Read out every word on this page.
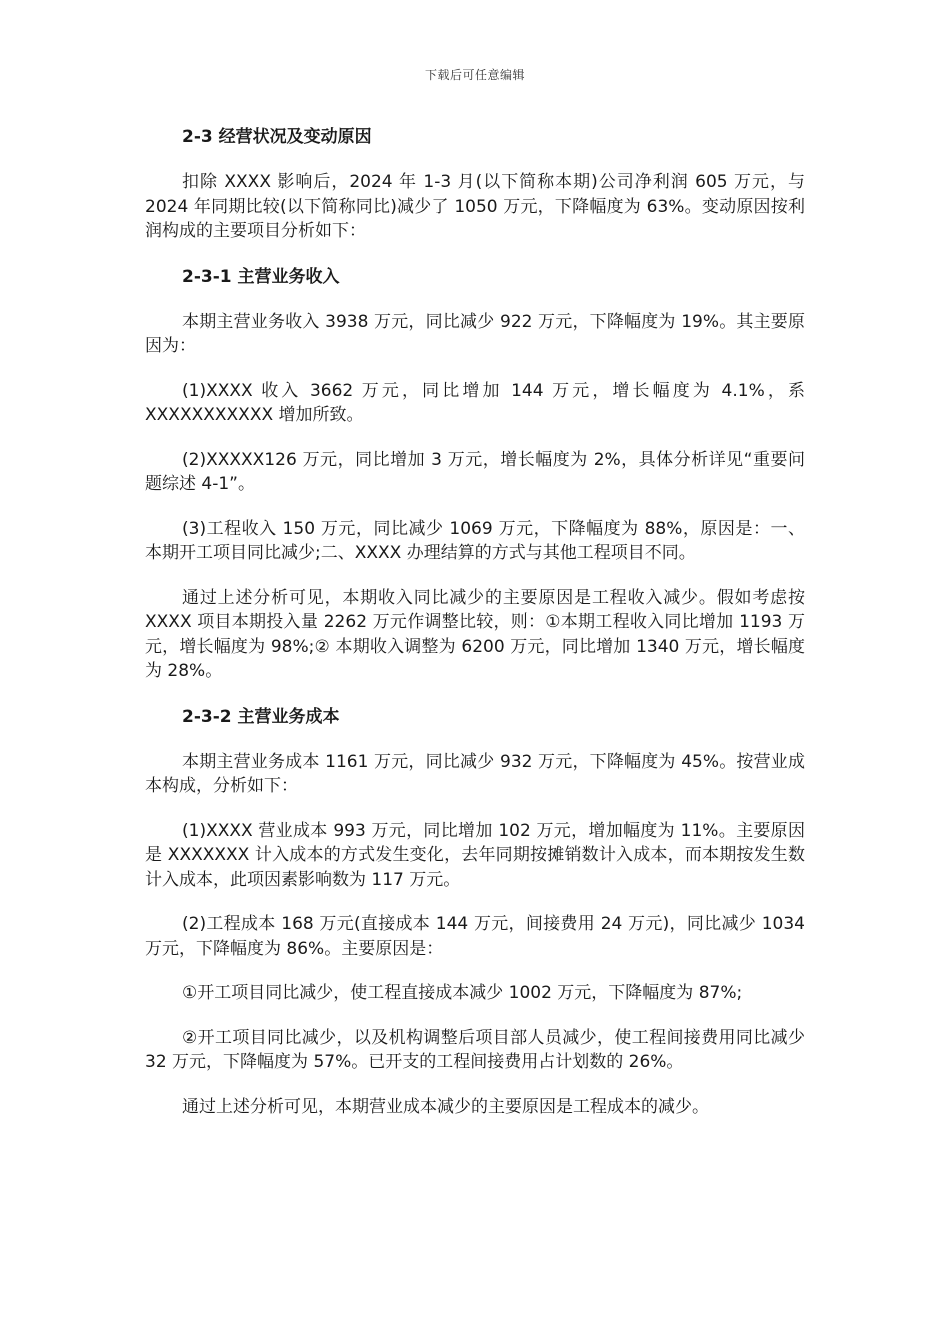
下载后可任意编辑
2-3 经营状况及变动原因

扣除 XXXX 影响后，2024 年 1-3 月(以下简称本期)公司净利润 605 万元，与 2024 年同期比较(以下简称同比)减少了 1050 万元，下降幅度为 63%。变动原因按利润构成的主要项目分析如下：

2-3-1 主营业务收入

本期主营业务收入 3938 万元，同比减少 922 万元，下降幅度为 19%。其主要原因为：

(1)XXXX 收入 3662 万元，同比增加 144 万元，增长幅度为 4.1%，系 XXXXXXXXXXX 增加所致。

(2)XXXXX126 万元，同比增加 3 万元，增长幅度为 2%，具体分析详见“重要问题综述 4-1”。

(3)工程收入 150 万元，同比减少 1069 万元，下降幅度为 88%，原因是：一、本期开工项目同比减少;二、XXXX 办理结算的方式与其他工程项目不同。

通过上述分析可见，本期收入同比减少的主要原因是工程收入减少。假如考虑按 XXXX 项目本期投入量 2262 万元作调整比较，则：①本期工程收入同比增加 1193 万元，增长幅度为 98%;② 本期收入调整为 6200 万元，同比增加 1340 万元，增长幅度为 28%。

2-3-2 主营业务成本

本期主营业务成本 1161 万元，同比减少 932 万元，下降幅度为 45%。按营业成本构成，分析如下：

(1)XXXX 营业成本 993 万元，同比增加 102 万元，增加幅度为 11%。主要原因是 XXXXXXX 计入成本的方式发生变化，去年同期按摊销数计入成本，而本期按发生数计入成本，此项因素影响数为 117 万元。

(2)工程成本 168 万元(直接成本 144 万元，间接费用 24 万元)，同比减少 1034 万元，下降幅度为 86%。主要原因是：

①开工项目同比减少，使工程直接成本减少 1002 万元，下降幅度为 87%;

②开工项目同比减少，以及机构调整后项目部人员减少，使工程间接费用同比减少 32 万元，下降幅度为 57%。已开支的工程间接费用占计划数的 26%。

通过上述分析可见，本期营业成本减少的主要原因是工程成本的减少。
